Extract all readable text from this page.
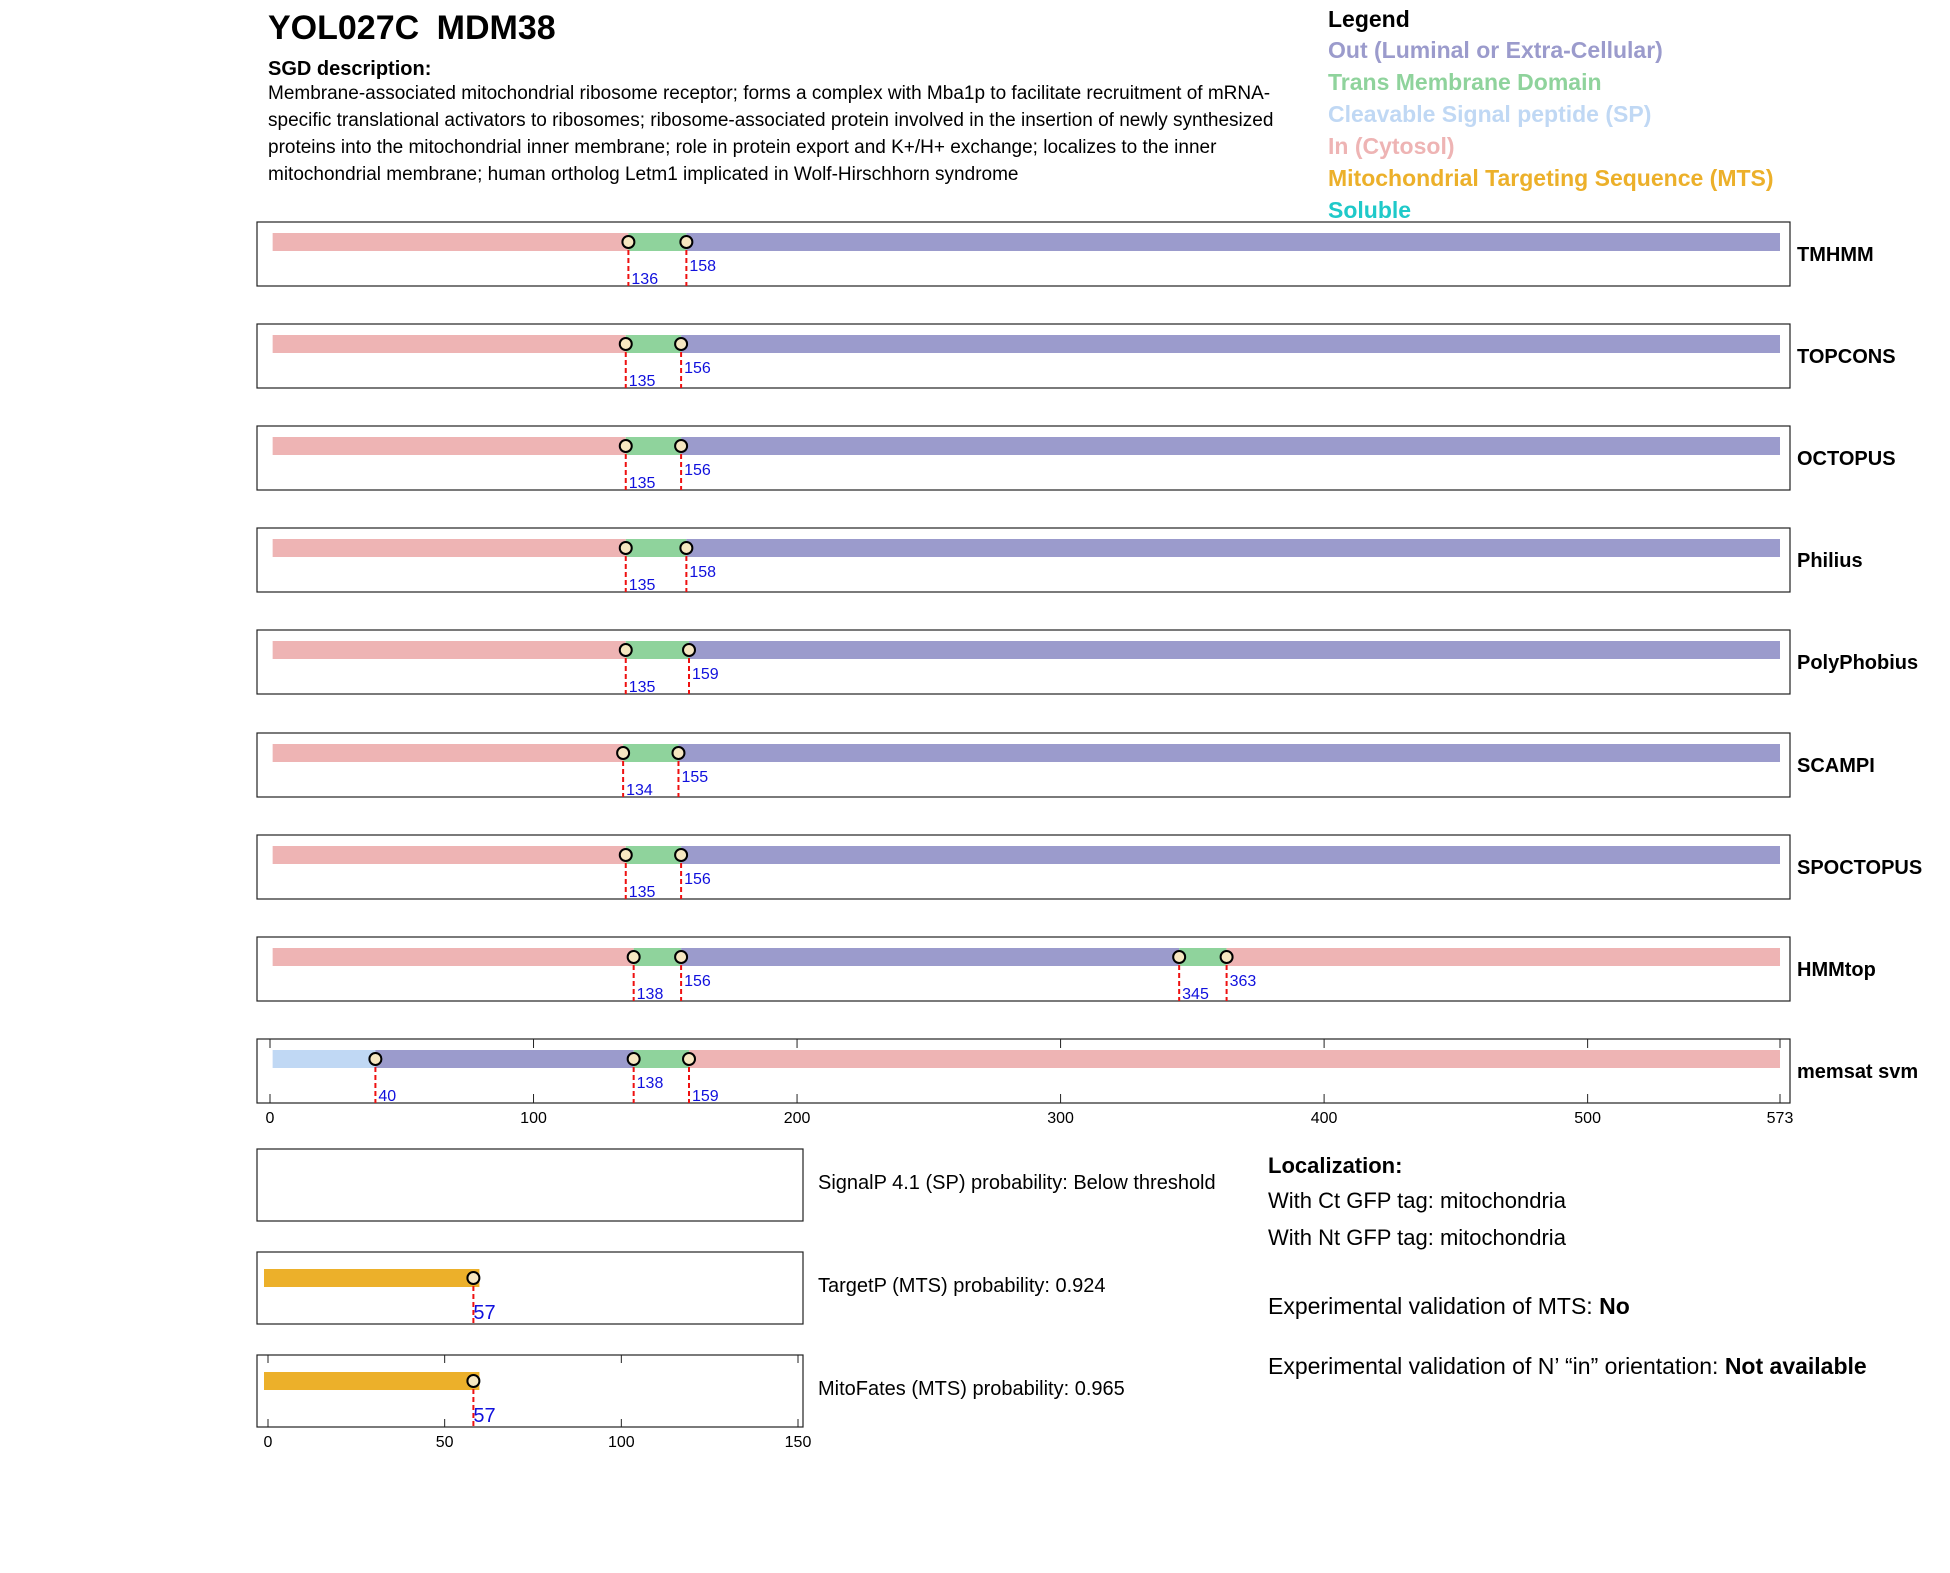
YOL027C MDM38
SGD description:
Membrane-associated mitochondrial ribosome receptor; forms a complex with Mba1p to facilitate recruitment of mRNA-specific translational activators to ribosomes; ribosome-associated protein involved in the insertion of newly synthesized proteins into the mitochondrial inner membrane; role in protein export and K+/H+ exchange; localizes to the inner mitochondrial membrane; human ortholog Letm1 implicated in Wolf-Hirschhorn syndrome
Legend
Out (Luminal or Extra-Cellular)
Trans Membrane Domain
Cleavable Signal peptide (SP)
In (Cytosol)
Mitochondrial Targeting Sequence (MTS)
Soluble
136
158
TMHMM
135
156
TOPCONS
135
156
OCTOPUS
135
158
Philius
135
159
PolyPhobius
134
155
SCAMPI
135
156
SPOCTOPUS
138
156
345
363
HMMtop
40
138
159
memsat svm
0	100	200	300	400	500	573
SignalP 4.1 (SP) probability: Below threshold
57
TargetP (MTS) probability: 0.924
57
MitoFates (MTS) probability: 0.965
0	50	100	150
Localization:
With Ct GFP tag: mitochondria
With Nt GFP tag: mitochondria
Experimental validation of MTS: No
Experimental validation of N’ “in” orientation: Not available
